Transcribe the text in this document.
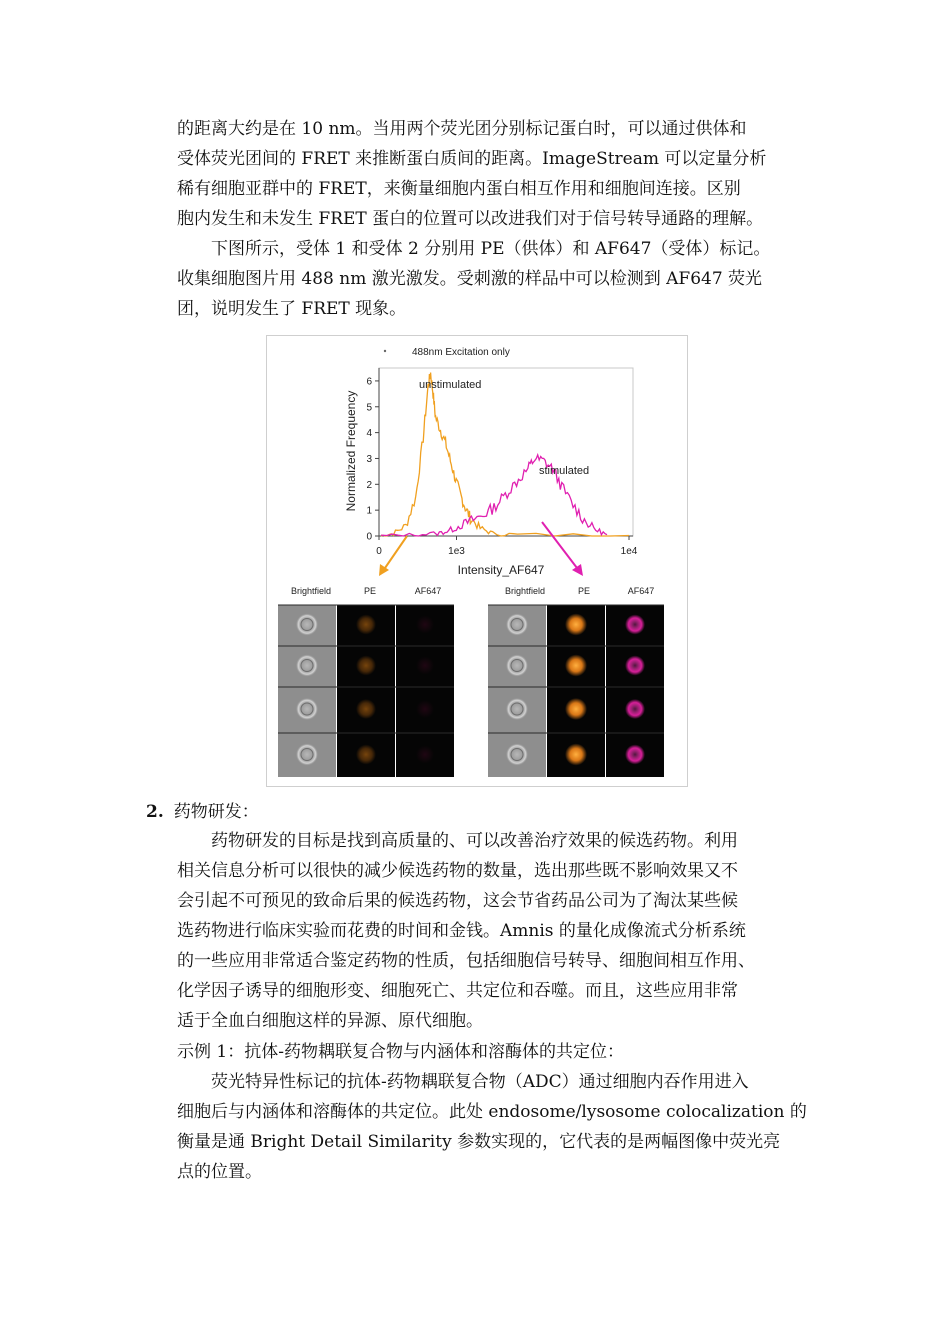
的距离大约是在 10 nm。当用两个荧光团分别标记蛋白时，可以通过供体和
受体荧光团间的 FRET 来推断蛋白质间的距离。ImageStream 可以定量分析
稀有细胞亚群中的 FRET，来衡量细胞内蛋白相互作用和细胞间连接。区别
胞内发生和未发生 FRET 蛋白的位置可以改进我们对于信号转导通路的理解。

下图所示，受体 1 和受体 2 分别用 PE（供体）和 AF647（受体）标记。
收集细胞图片用 488 nm 激光激发。受刺激的样品中可以检测到 AF647 荧光
团，说明发生了 FRET 现象。

488nm Excitation only
0
1
2
3
4
5
6
0	1e3	1e4
Normalized Frequency
Intensity_AF647
unstimulated
stimulated
Brightfield	PE	AF647	Brightfield	PE	AF647
2. 药物研发：

药物研发的目标是找到高质量的、可以改善治疗效果的候选药物。利用
相关信息分析可以很快的减少候选药物的数量，选出那些既不影响效果又不
会引起不可预见的致命后果的候选药物，这会节省药品公司为了淘汰某些候
选药物进行临床实验而花费的时间和金钱。Amnis 的量化成像流式分析系统
的一些应用非常适合鉴定药物的性质，包括细胞信号转导、细胞间相互作用、
化学因子诱导的细胞形变、细胞死亡、共定位和吞噬。而且，这些应用非常
适于全血白细胞这样的异源、原代细胞。

示例 1：抗体-药物耦联复合物与内涵体和溶酶体的共定位：

荧光特异性标记的抗体-药物耦联复合物（ADC）通过细胞内吞作用进入
细胞后与内涵体和溶酶体的共定位。此处 endosome/lysosome colocalization 的
衡量是通 Bright Detail Similarity 参数实现的，它代表的是两幅图像中荧光亮
点的位置。
